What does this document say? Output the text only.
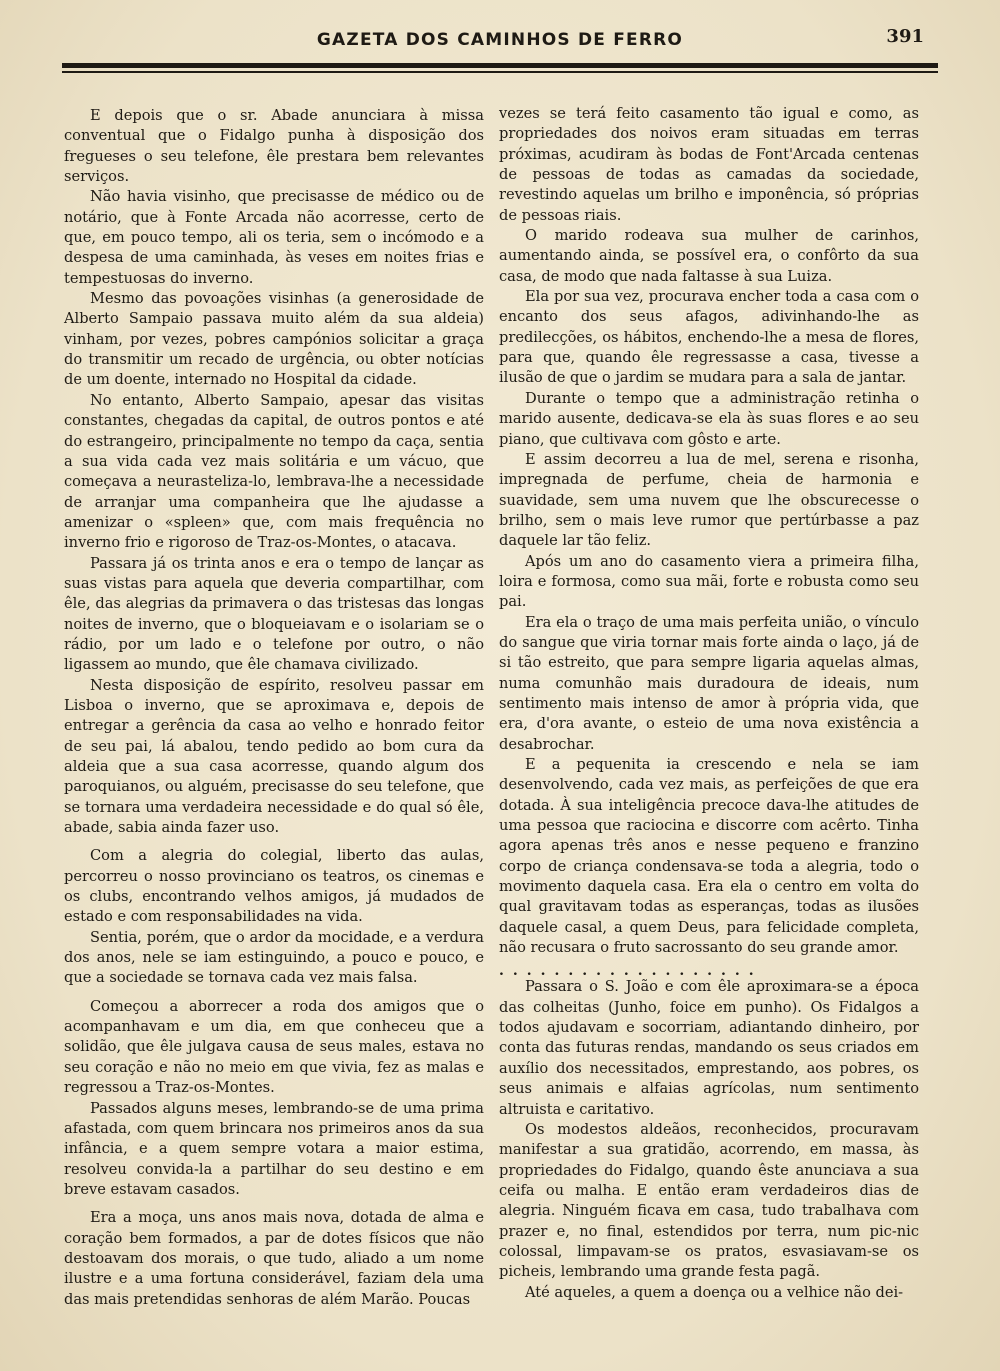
GAZETA DOS CAMINHOS DE FERRO	391

E depois que o sr. Abade anunciara à missa conventual que o Fidalgo punha à disposição dos fregueses o seu telefone, êle prestara bem relevantes serviços.

Não havia visinho, que precisasse de médico ou de notário, que à Fonte Arcada não acorresse, certo de que, em pouco tempo, ali os teria, sem o incómodo e a despesa de uma caminhada, às veses em noites frias e tempestuosas do inverno.

Mesmo das povoações visinhas (a generosidade de Alberto Sampaio passava muito além da sua aldeia) vinham, por vezes, pobres campónios solicitar a graça do transmitir um recado de urgência, ou obter notícias de um doente, internado no Hospital da cidade.

No entanto, Alberto Sampaio, apesar das visitas constantes, chegadas da capital, de outros pontos e até do estrangeiro, principalmente no tempo da caça, sentia a sua vida cada vez mais solitária e um vácuo, que começava a neurasteliza-lo, lembrava-lhe a necessidade de arranjar uma companheira que lhe ajudasse a amenizar o «spleen» que, com mais frequência no inverno frio e rigoroso de Traz-os-Montes, o atacava.

Passara já os trinta anos e era o tempo de lançar as suas vistas para aquela que deveria compartilhar, com êle, das alegrias da primavera o das tristesas das longas noites de inverno, que o bloqueiavam e o isolariam se o rádio, por um lado e o telefone por outro, o não ligassem ao mundo, que êle chamava civilizado.

Nesta disposição de espírito, resolveu passar em Lisboa o inverno, que se aproximava e, depois de entregar a gerência da casa ao velho e honrado feitor de seu pai, lá abalou, tendo pedido ao bom cura da aldeia que a sua casa acorresse, quando algum dos paroquianos, ou alguém, precisasse do seu telefone, que se tornara uma verdadeira necessidade e do qual só êle, abade, sabia ainda fazer uso.

Com a alegria do colegial, liberto das aulas, percorreu o nosso provinciano os teatros, os cinemas e os clubs, encontrando velhos amigos, já mudados de estado e com responsabilidades na vida.

Sentia, porém, que o ardor da mocidade, e a verdura dos anos, nele se iam estinguindo, a pouco e pouco, e que a sociedade se tornava cada vez mais falsa.

Começou a aborrecer a roda dos amigos que o acompanhavam e um dia, em que conheceu que a solidão, que êle julgava causa de seus males, estava no seu coração e não no meio em que vivia, fez as malas e regressou a Traz-os-Montes.

Passados alguns meses, lembrando-se de uma prima afastada, com quem brincara nos primeiros anos da sua infância, e a quem sempre votara a maior estima, resolveu convida-la a partilhar do seu destino e em breve estavam casados.

Era a moça, uns anos mais nova, dotada de alma e coração bem formados, a par de dotes físicos que não destoavam dos morais, o que tudo, aliado a um nome ilustre e a uma fortuna considerável, faziam dela uma das mais pretendidas senhoras de além Marão. Poucas

vezes se terá feito casamento tão igual e como, as propriedades dos noivos eram situadas em terras próximas, acudiram às bodas de Font'Arcada centenas de pessoas de todas as camadas da sociedade, revestindo aquelas um brilho e imponência, só próprias de pessoas riais.

O marido rodeava sua mulher de carinhos, aumentando ainda, se possível era, o confôrto da sua casa, de modo que nada faltasse à sua Luiza.

Ela por sua vez, procurava encher toda a casa com o encanto dos seus afagos, adivinhando-lhe as predilecções, os hábitos, enchendo-lhe a mesa de flores, para que, quando êle regressasse a casa, tivesse a ilusão de que o jardim se mudara para a sala de jantar.

Durante o tempo que a administração retinha o marido ausente, dedicava-se ela às suas flores e ao seu piano, que cultivava com gôsto e arte.

E assim decorreu a lua de mel, serena e risonha, impregnada de perfume, cheia de harmonia e suavidade, sem uma nuvem que lhe obscurecesse o brilho, sem o mais leve rumor que pertúrbasse a paz daquele lar tão feliz.

Após um ano do casamento viera a primeira filha, loira e formosa, como sua mãi, forte e robusta como seu pai.

Era ela o traço de uma mais perfeita união, o vínculo do sangue que viria tornar mais forte ainda o laço, já de si tão estreito, que para sempre ligaria aquelas almas, numa comunhão mais duradoura de ideais, num sentimento mais intenso de amor à própria vida, que era, d'ora avante, o esteio de uma nova existência a desabrochar.

E a pequenita ia crescendo e nela se iam desenvolvendo, cada vez mais, as perfeições de que era dotada. À sua inteligência precoce dava-lhe atitudes de uma pessoa que raciocina e discorre com acêrto. Tinha agora apenas três anos e nesse pequeno e franzino corpo de criança condensava-se toda a alegria, todo o movimento daquela casa. Era ela o centro em volta do qual gravitavam todas as esperanças, todas as ilusões daquele casal, a quem Deus, para felicidade completa, não recusara o fruto sacrossanto do seu grande amor.

...................

Passara o S. João e com êle aproximara-se a época das colheitas (Junho, foice em punho). Os Fidalgos a todos ajudavam e socorriam, adiantando dinheiro, por conta das futuras rendas, mandando os seus criados em auxílio dos necessitados, emprestando, aos pobres, os seus animais e alfaias agrícolas, num sentimento altruista e caritativo.

Os modestos aldeãos, reconhecidos, procuravam manifestar a sua gratidão, acorrendo, em massa, às propriedades do Fidalgo, quando êste anunciava a sua ceifa ou malha. E então eram verdadeiros dias de alegria. Ninguém ficava em casa, tudo trabalhava com prazer e, no final, estendidos por terra, num pic-nic colossal, limpavam-se os pratos, esvasiavam-se os picheis, lembrando uma grande festa pagã.

Até aqueles, a quem a doença ou a velhice não dei-
